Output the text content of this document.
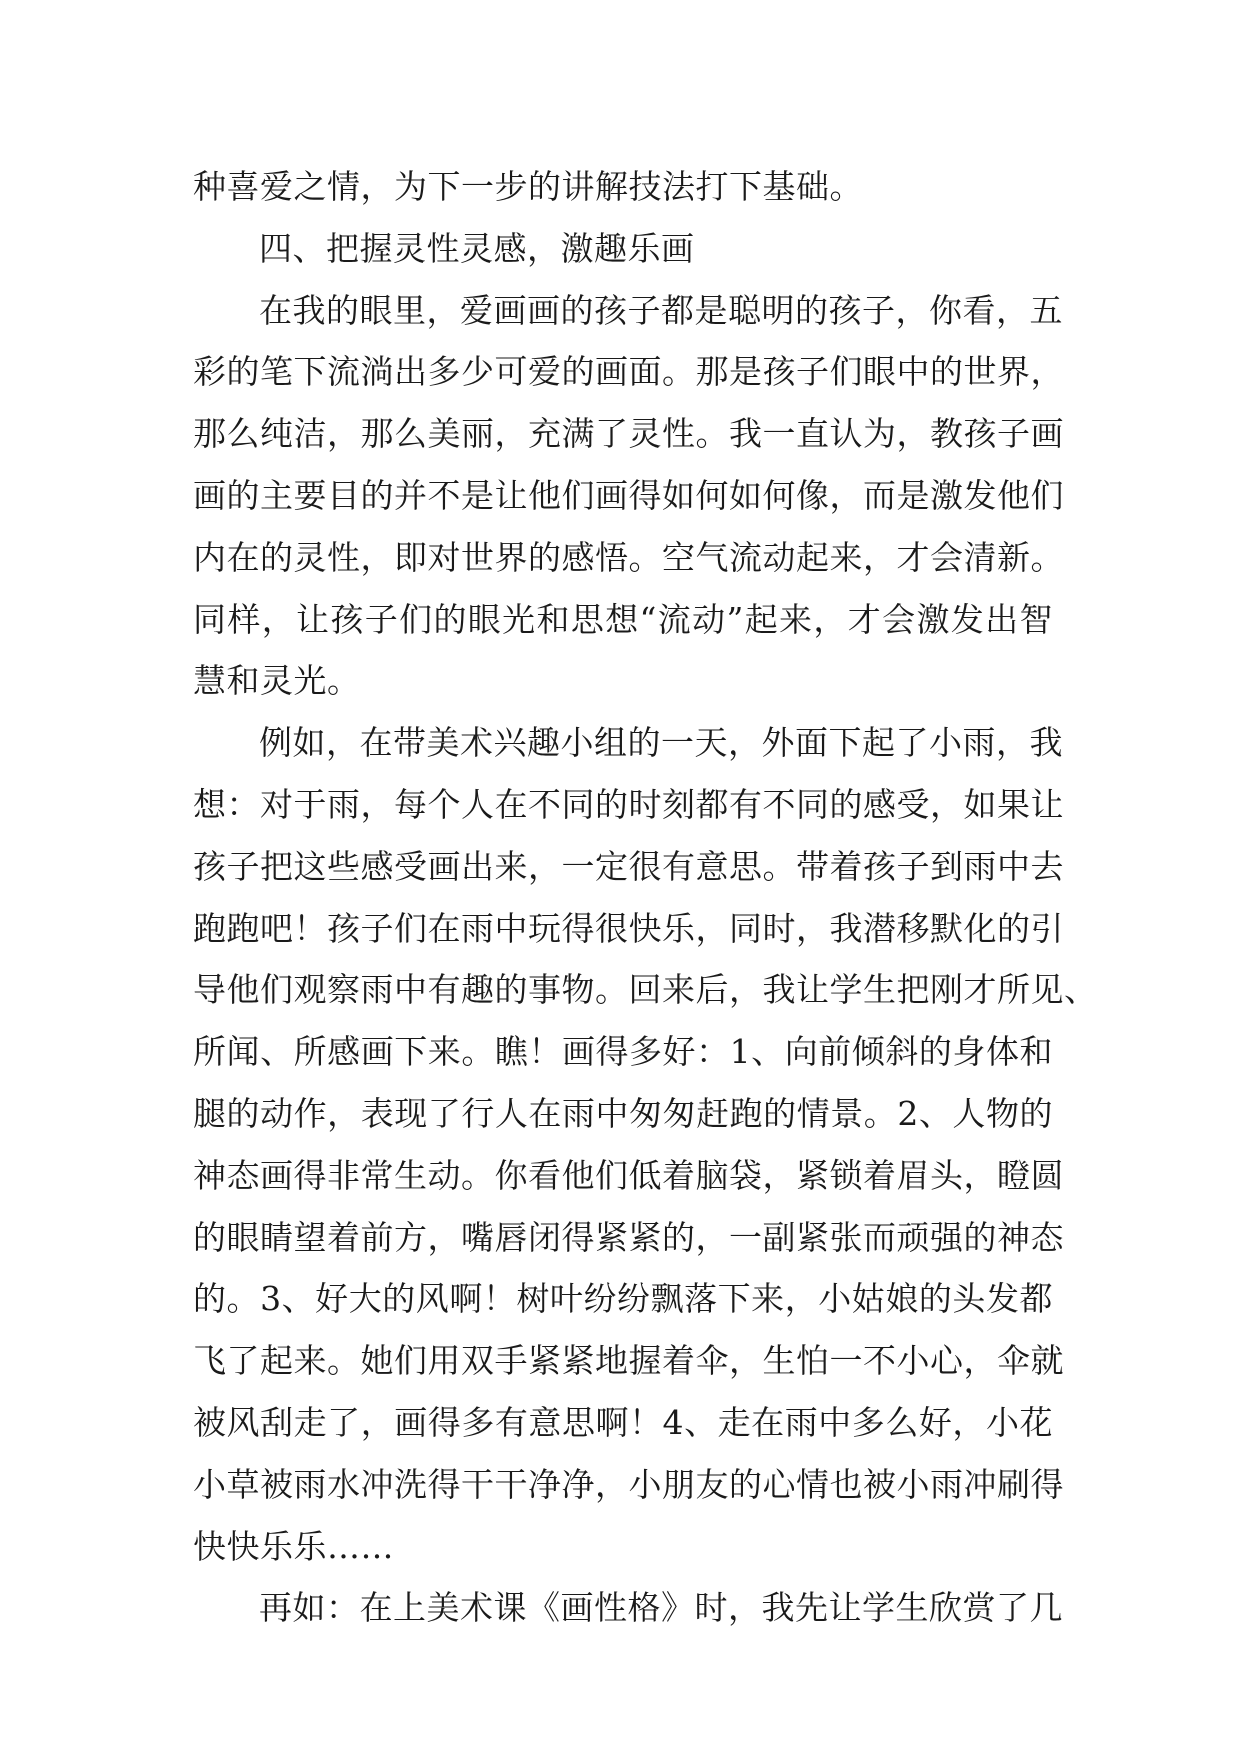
种喜爱之情，为下一步的讲解技法打下基础。
四、把握灵性灵感，激趣乐画
在我的眼里，爱画画的孩子都是聪明的孩子，你看，五
彩的笔下流淌出多少可爱的画面。那是孩子们眼中的世界，
那么纯洁，那么美丽，充满了灵性。我一直认为，教孩子画
画的主要目的并不是让他们画得如何如何像，而是激发他们
内在的灵性，即对世界的感悟。空气流动起来，才会清新。
同样，让孩子们的眼光和思想“流动”起来，才会激发出智
慧和灵光。
例如，在带美术兴趣小组的一天，外面下起了小雨，我
想：对于雨，每个人在不同的时刻都有不同的感受，如果让
孩子把这些感受画出来，一定很有意思。带着孩子到雨中去
跑跑吧！孩子们在雨中玩得很快乐，同时，我潜移默化的引
导他们观察雨中有趣的事物。回来后，我让学生把刚才所见、
所闻、所感画下来。瞧！画得多好：1、向前倾斜的身体和
腿的动作，表现了行人在雨中匆匆赶跑的情景。2、人物的
神态画得非常生动。你看他们低着脑袋，紧锁着眉头，瞪圆
的眼睛望着前方，嘴唇闭得紧紧的，一副紧张而顽强的神态
的。3、好大的风啊！树叶纷纷飘落下来，小姑娘的头发都
飞了起来。她们用双手紧紧地握着伞，生怕一不小心，伞就
被风刮走了，画得多有意思啊！4、走在雨中多么好，小花
小草被雨水冲洗得干干净净，小朋友的心情也被小雨冲刷得
快快乐乐……
再如：在上美术课《画性格》时，我先让学生欣赏了几
